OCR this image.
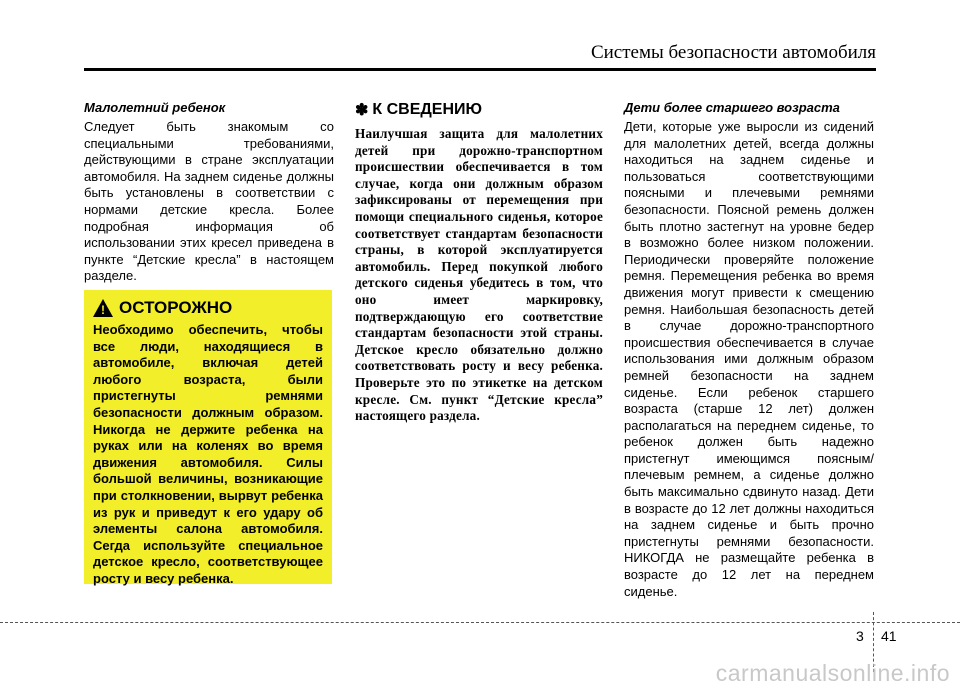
Системы безопасности автомобиля

Малолетний ребенок

Следует быть знакомым со специальными требованиями, действующими в стране эксплуатации автомобиля. На заднем сиденье должны быть установлены в соответствии с нормами детские кресла. Более подробная информация об использовании этих кресел приведена в пункте “Детские кресла” в настоящем разделе.

! ОСТОРОЖНО

Необходимо обеспечить, чтобы все люди, находящиеся в автомобиле, включая детей любого возраста, были пристегнуты ремнями безопасности должным образом. Никогда не держите ребенка на руках или на коленях во время движения автомобиля. Силы большой величины, возникающие при столкновении, вырвут ребенка из рук и приведут к его удару об элементы салона автомобиля. Сегда используйте специальное детское кресло, соответствующее росту и весу ребенка.

✽ К СВЕДЕНИЮ

Наилучшая защита для малолетних детей при дорожно-транспортном происшествии обеспечивается в том случае, когда они должным образом зафиксированы от перемещения при помощи специального сиденья, которое соответствует стандартам безопасности страны, в которой эксплуатируется автомобиль. Перед покупкой любого детского сиденья убедитесь в том, что оно имеет маркировку, подтверждающую его соответствие стандартам безопасности этой страны. Детское кресло обязательно должно соответствовать росту и весу ребенка. Проверьте это по этикетке на детском кресле. См. пункт “Детские кресла” настоящего раздела.

Дети более старшего возраста

Дети, которые уже выросли из сидений для малолетних детей, всегда должны находиться на заднем сиденье и пользоваться соответствующими поясными и плечевыми ремнями безопасности. Поясной ремень должен быть плотно застегнут на уровне бедер в возможно более низком положении. Периодически проверяйте положение ремня. Перемещения ребенка во время движения могут привести к смещению ремня. Наибольшая безопасность детей в случае дорожно-транспортного происшествия обеспечивается в случае использования ими должным образом ремней безопасности на заднем сиденье. Если ребенок старшего возраста (старше 12 лет) должен располагаться на переднем сиденье, то ребенок должен быть надежно пристегнут имеющимся поясным/плечевым ремнем, а сиденье должно быть максимально сдвинуто назад. Дети в возрасте до 12 лет должны находиться на заднем сиденье и быть прочно пристегнуты ремнями безопасности. НИКОГДА не размещайте ребенка в возрасте до 12 лет на переднем сиденье.

3 41
carmanualsonline.info
